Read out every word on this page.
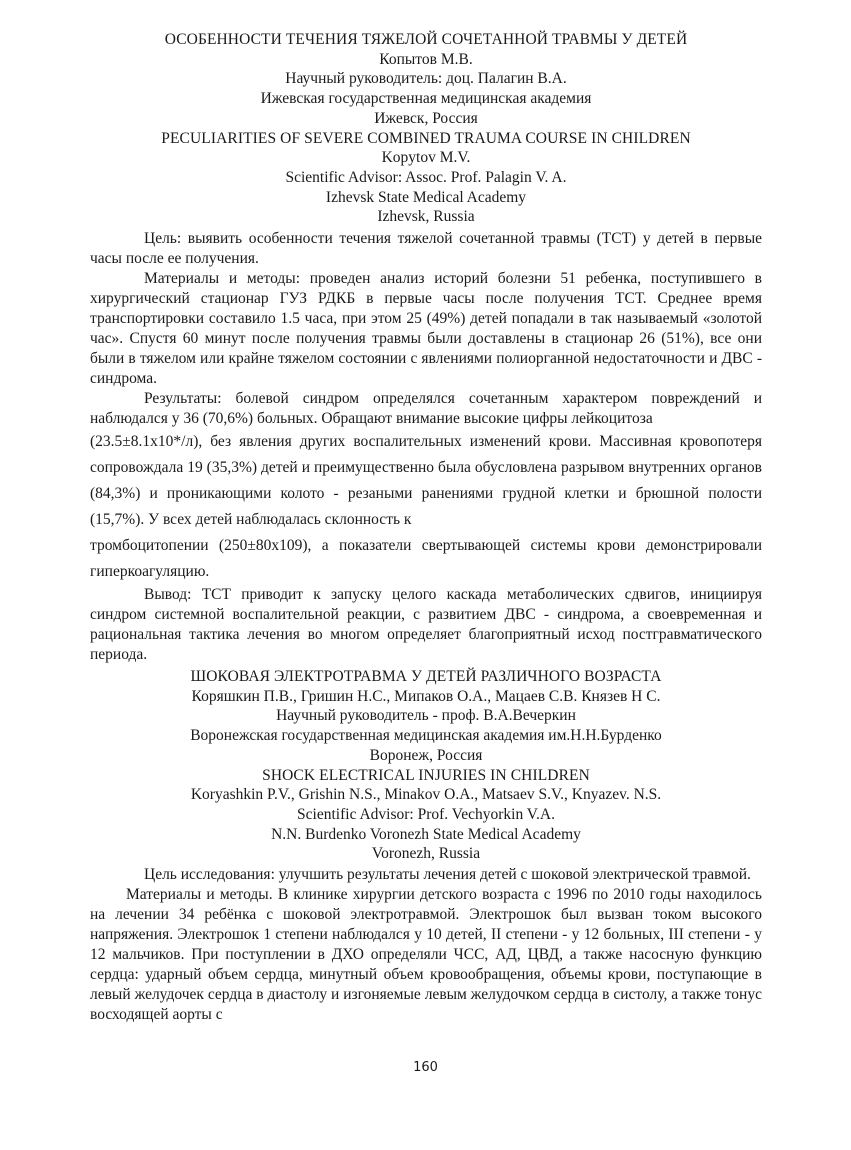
ОСОБЕННОСТИ ТЕЧЕНИЯ ТЯЖЕЛОЙ СОЧЕТАННОЙ ТРАВМЫ У ДЕТЕЙ
Копытов М.В.
Научный руководитель: доц. Палагин В.А.
Ижевская государственная медицинская академия
Ижевск, Россия
PECULIARITIES OF SEVERE COMBINED TRAUMA COURSE IN CHILDREN
Kopytov M.V.
Scientific Advisor: Assoc. Prof. Palagin V. A.
Izhevsk State Medical Academy
Izhevsk, Russia

Цель: выявить особенности течения тяжелой сочетанной травмы (ТСТ) у детей в первые часы после ее получения.

Материалы и методы: проведен анализ историй болезни 51 ребенка, поступившего в хирургический стационар ГУЗ РДКБ в первые часы после получения ТСТ. Среднее время транспортировки составило 1.5 часа, при этом 25 (49%) детей попадали в так называемый «золотой час». Спустя 60 минут после получения травмы были доставлены в стационар 26 (51%), все они были в тяжелом или крайне тяжелом состоянии с явлениями полиорганной недостаточности и ДВС - синдрома.

Результаты: болевой синдром определялся сочетанным характером повреждений и наблюдался у 36 (70,6%) больных. Обращают внимание высокие цифры лейкоцитоза

(23.5±8.1х10*/л), без явления других воспалительных изменений крови. Массивная кровопотеря сопровождала 19 (35,3%) детей и преимущественно была обусловлена разрывом внутренних органов (84,3%) и проникающими колото - резаными ранениями грудной клетки и брюшной полости (15,7%). У всех детей наблюдалась склонность к

тромбоцитопении (250±80х109), а показатели свертывающей системы крови демонстрировали гиперкоагуляцию.

Вывод: ТСТ приводит к запуску целого каскада метаболических сдвигов, инициируя синдром системной воспалительной реакции, с развитием ДВС - синдрома, а своевременная и рациональная тактика лечения во многом определяет благоприятный исход постгравматического периода.

ШОКОВАЯ ЭЛЕКТРОТРАВМА У ДЕТЕЙ РАЗЛИЧНОГО ВОЗРАСТА
Коряшкин П.В., Гришин Н.С., Мипаков О.А., Мацаев С.В. Князев Н С.
Научный руководитель - проф. В.А.Вечеркин
Воронежская государственная медицинская академия им.Н.Н.Бурденко
Воронеж, Россия
SHOCK ELECTRICAL INJURIES IN CHILDREN
Koryashkin P.V., Grishin N.S., Minakov O.A., Matsaev S.V., Knyazev. N.S.
Scientific Advisor: Prof. Vechyorkin V.A.
N.N. Burdenko Voronezh State Medical Academy
Voronezh, Russia

Цель исследования: улучшить результаты лечения детей с шоковой электрической травмой.

Материалы и методы. В клинике хирургии детского возраста с 1996 по 2010 годы находилось на лечении 34 ребёнка с шоковой электротравмой. Электрошок был вызван током высокого напряжения. Электрошок 1 степени наблюдался у 10 детей, II степени - у 12 больных, III степени - у 12 мальчиков. При поступлении в ДХО определяли ЧСС, АД, ЦВД, а также насосную функцию сердца: ударный объем сердца, минутный объем кровообращения, объемы крови, поступающие в левый желудочек сердца в диастолу и изгоняемые левым желудочком сердца в систолу, а также тонус восходящей аорты с

160
